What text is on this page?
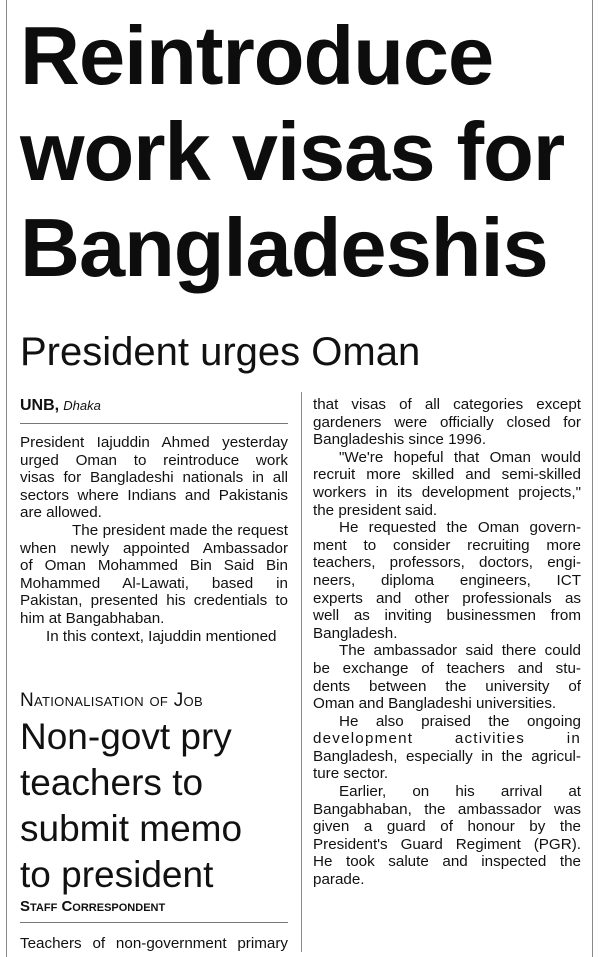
Reintroduce
work visas for
Bangladeshis
President urges Oman
UNB, Dhaka
President Iajuddin Ahmed yesterday
urged Oman to reintroduce work
visas for Bangladeshi nationals in all
sectors where Indians and Pakistanis
are allowed.
The president made the request
when newly appointed Ambassador
of Oman Mohammed Bin Said Bin
Mohammed Al-Lawati, based in
Pakistan, presented his credentials to
him at Bangabhaban.
In this context, Iajuddin mentioned
Nationalisation of Job
Non-govt pry
teachers to
submit memo
to president
Staff Correspondent
Teachers of non-government primary
that visas of all categories except
gardeners were officially closed for
Bangladeshis since 1996.
"We're hopeful that Oman would
recruit more skilled and semi-skilled
workers in its development projects,"
the president said.
He requested the Oman govern-
ment to consider recruiting more
teachers, professors, doctors, engi-
neers, diploma engineers, ICT
experts and other professionals as
well as inviting businessmen from
Bangladesh.
The ambassador said there could
be exchange of teachers and stu-
dents between the university of
Oman and Bangladeshi universities.
He also praised the ongoing
development activities in
Bangladesh, especially in the agricul-
ture sector.
Earlier, on his arrival at
Bangabhaban, the ambassador was
given a guard of honour by the
President's Guard Regiment (PGR).
He took salute and inspected the
parade.
